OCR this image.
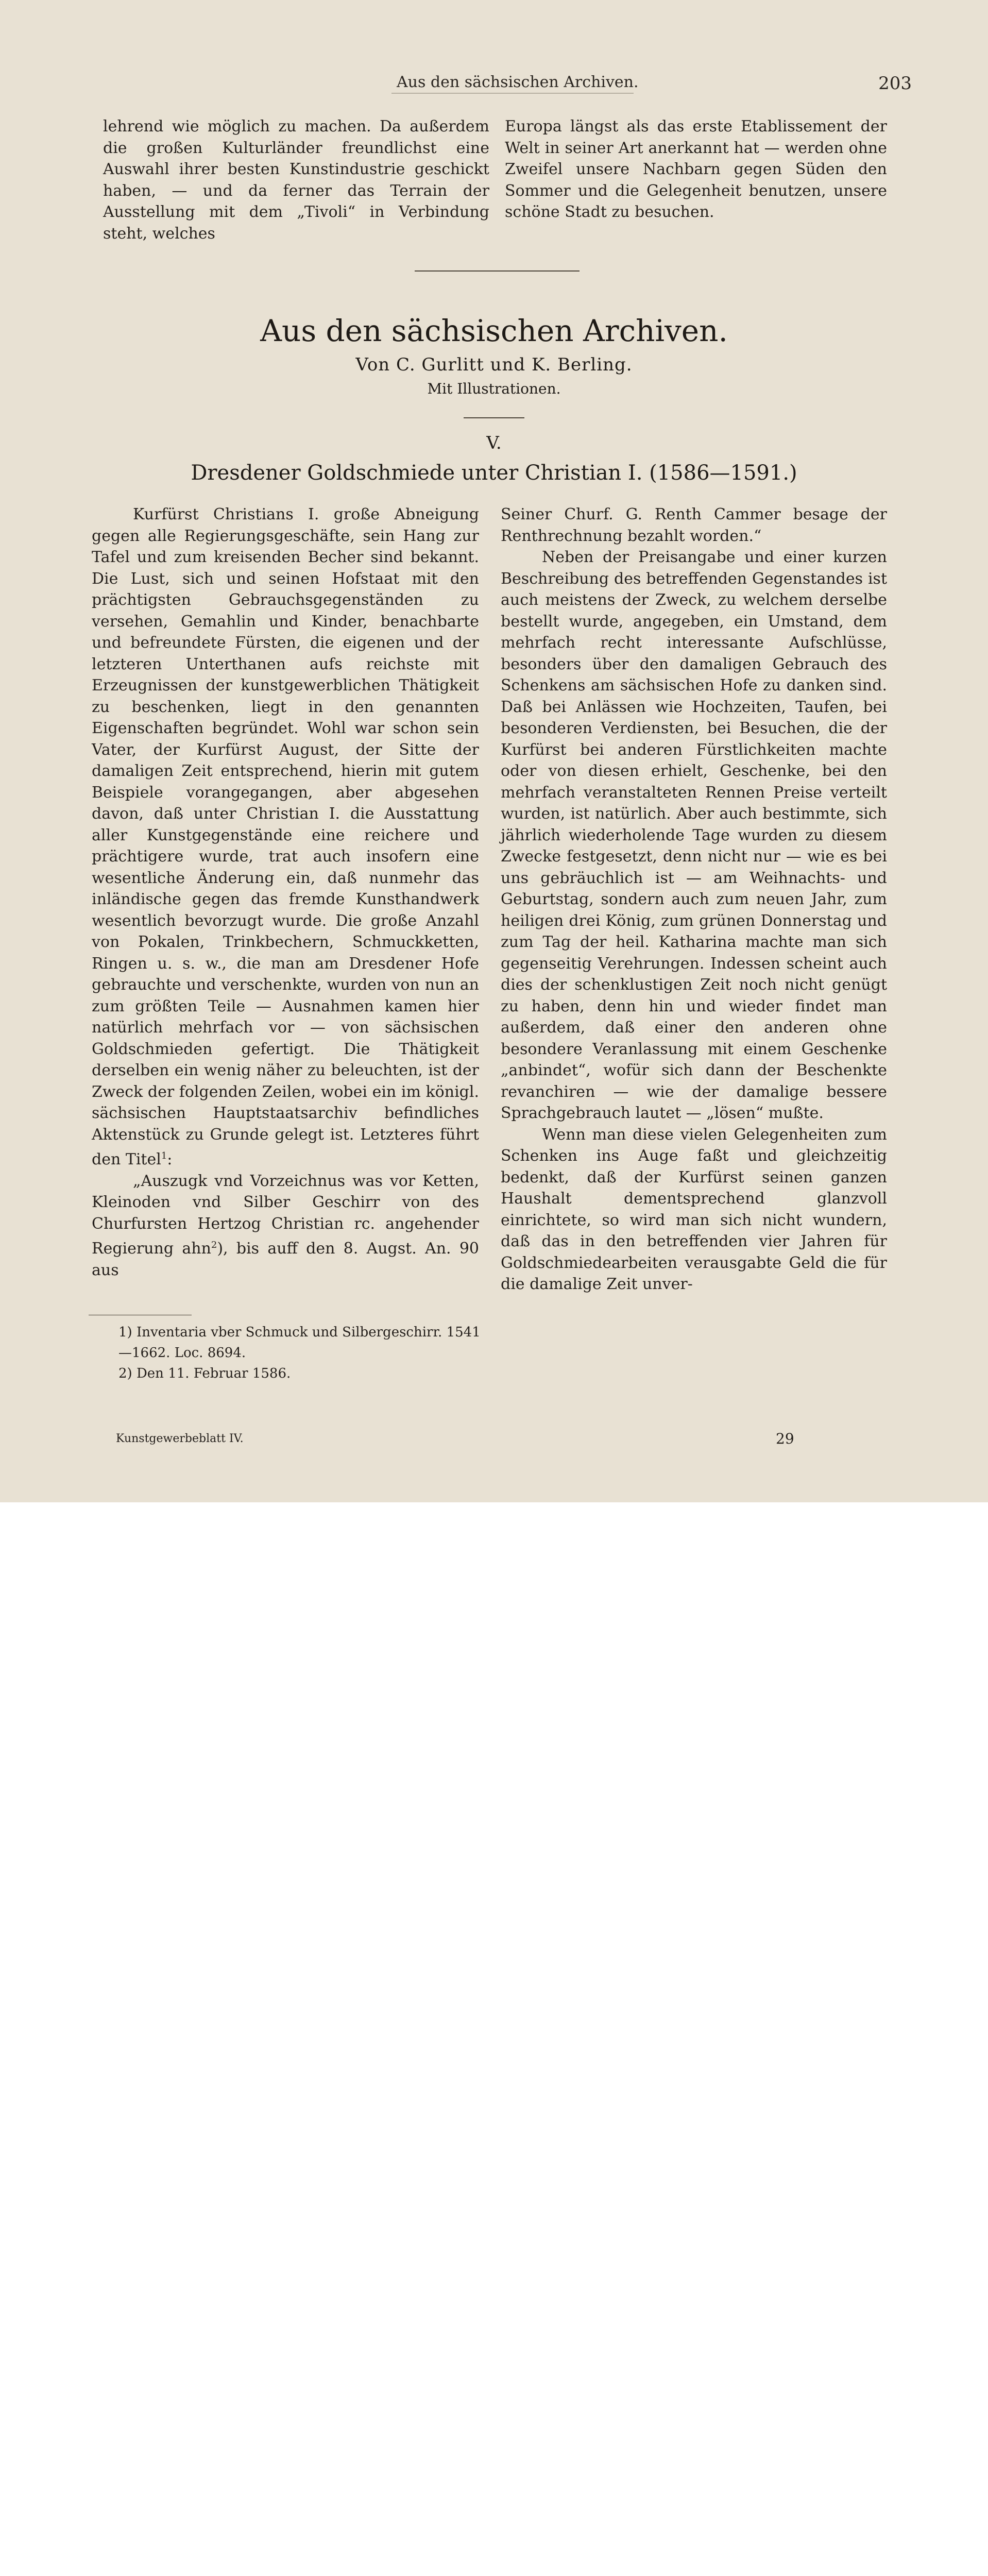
Aus den sächsischen Archiven.	203

lehrend wie möglich zu machen. Da außerdem die großen Kulturländer freundlichst eine Auswahl ihrer besten Kunstindustrie geschickt haben, — und da ferner das Terrain der Ausstellung mit dem „Tivoli“ in Verbindung steht, welches

Europa längst als das erste Etablissement der Welt in seiner Art anerkannt hat — werden ohne Zweifel unsere Nachbarn gegen Süden den Sommer und die Gelegenheit benutzen, unsere schöne Stadt zu besuchen.

Aus den sächsischen Archiven.
Von C. Gurlitt und K. Berling.
Mit Illustrationen.
V.
Dresdener Goldschmiede unter Christian I. (1586—1591.)

Kurfürst Christians I. große Abneigung gegen alle Regierungsgeschäfte, sein Hang zur Tafel und zum kreisenden Becher sind bekannt. Die Lust, sich und seinen Hofstaat mit den prächtigsten Gebrauchsgegenständen zu versehen, Gemahlin und Kinder, benachbarte und befreundete Fürsten, die eigenen und der letzteren Unterthanen aufs reichste mit Erzeugnissen der kunstgewerblichen Thätigkeit zu beschenken, liegt in den genannten Eigenschaften begründet. Wohl war schon sein Vater, der Kurfürst August, der Sitte der damaligen Zeit entsprechend, hierin mit gutem Beispiele vorangegangen, aber abgesehen davon, daß unter Christian I. die Ausstattung aller Kunstgegenstände eine reichere und prächtigere wurde, trat auch insofern eine wesentliche Änderung ein, daß nunmehr das inländische gegen das fremde Kunsthandwerk wesentlich bevorzugt wurde. Die große Anzahl von Pokalen, Trinkbechern, Schmuckketten, Ringen u. s. w., die man am Dresdener Hofe gebrauchte und verschenkte, wurden von nun an zum größten Teile — Ausnahmen kamen hier natürlich mehrfach vor — von sächsischen Goldschmieden gefertigt. Die Thätigkeit derselben ein wenig näher zu beleuchten, ist der Zweck der folgenden Zeilen, wobei ein im königl. sächsischen Hauptstaatsarchiv befindliches Aktenstück zu Grunde gelegt ist. Letzteres führt den Titel$^1$:

„Auszugk vnd Vorzeichnus was vor Ketten, Kleinoden vnd Silber Geschirr von des Churfursten Hertzog Christian rc. angehender Regierung ahn$^2$), bis auff den 8. Augst. An. 90 aus

Seiner Churf. G. Renth Cammer besage der Renthrechnung bezahlt worden.“

Neben der Preisangabe und einer kurzen Beschreibung des betreffenden Gegenstandes ist auch meistens der Zweck, zu welchem derselbe bestellt wurde, angegeben, ein Umstand, dem mehrfach recht interessante Aufschlüsse, besonders über den damaligen Gebrauch des Schenkens am sächsischen Hofe zu danken sind. Daß bei Anlässen wie Hochzeiten, Taufen, bei besonderen Verdiensten, bei Besuchen, die der Kurfürst bei anderen Fürstlichkeiten machte oder von diesen erhielt, Geschenke, bei den mehrfach veranstalteten Rennen Preise verteilt wurden, ist natürlich. Aber auch bestimmte, sich jährlich wiederholende Tage wurden zu diesem Zwecke festgesetzt, denn nicht nur — wie es bei uns gebräuchlich ist — am Weihnachts- und Geburtstag, sondern auch zum neuen Jahr, zum heiligen drei König, zum grünen Donnerstag und zum Tag der heil. Katharina machte man sich gegenseitig Verehrungen. Indessen scheint auch dies der schenklustigen Zeit noch nicht genügt zu haben, denn hin und wieder findet man außerdem, daß einer den anderen ohne besondere Veranlassung mit einem Geschenke „anbindet“, wofür sich dann der Beschenkte revanchiren — wie der damalige bessere Sprachgebrauch lautet — „lösen“ mußte.

Wenn man diese vielen Gelegenheiten zum Schenken ins Auge faßt und gleichzeitig bedenkt, daß der Kurfürst seinen ganzen Haushalt dementsprechend glanzvoll einrichtete, so wird man sich nicht wundern, daß das in den betreffenden vier Jahren für Goldschmiedearbeiten verausgabte Geld die für die damalige Zeit unver-

1) Inventaria vber Schmuck und Silbergeschirr. 1541—1662. Loc. 8694.

2) Den 11. Februar 1586.

Kunstgewerbeblatt IV.	29
